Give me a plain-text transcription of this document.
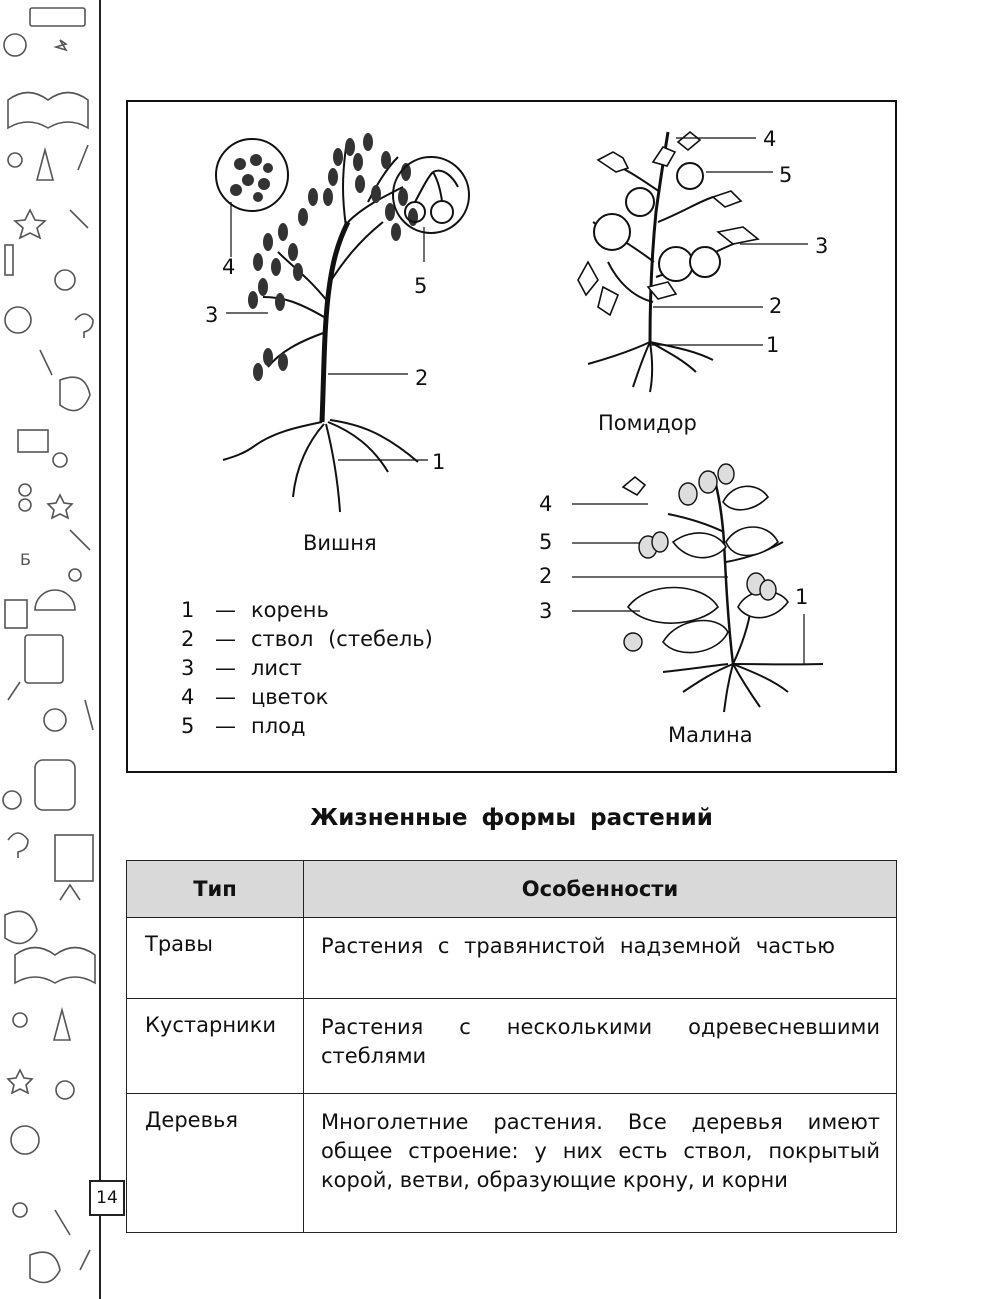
Б
14
4
5
3
2
1
Вишня
4
5
3
2
1
Помидор
4
5
2
3
1
Малина
1 — корень
2 — ствол (стебель)
3 — лист
4 — цветок
5 — плод
Жизненные формы растений
Тип	Особенности
Травы	Растения с травянистой надземной частью
Кустарники	Растения с несколькими одревесневшими стеблями
Деревья	Многолетние растения. Все деревья имеют общее строение: у них есть ствол, покрытый корой, ветви, образующие крону, и корни
